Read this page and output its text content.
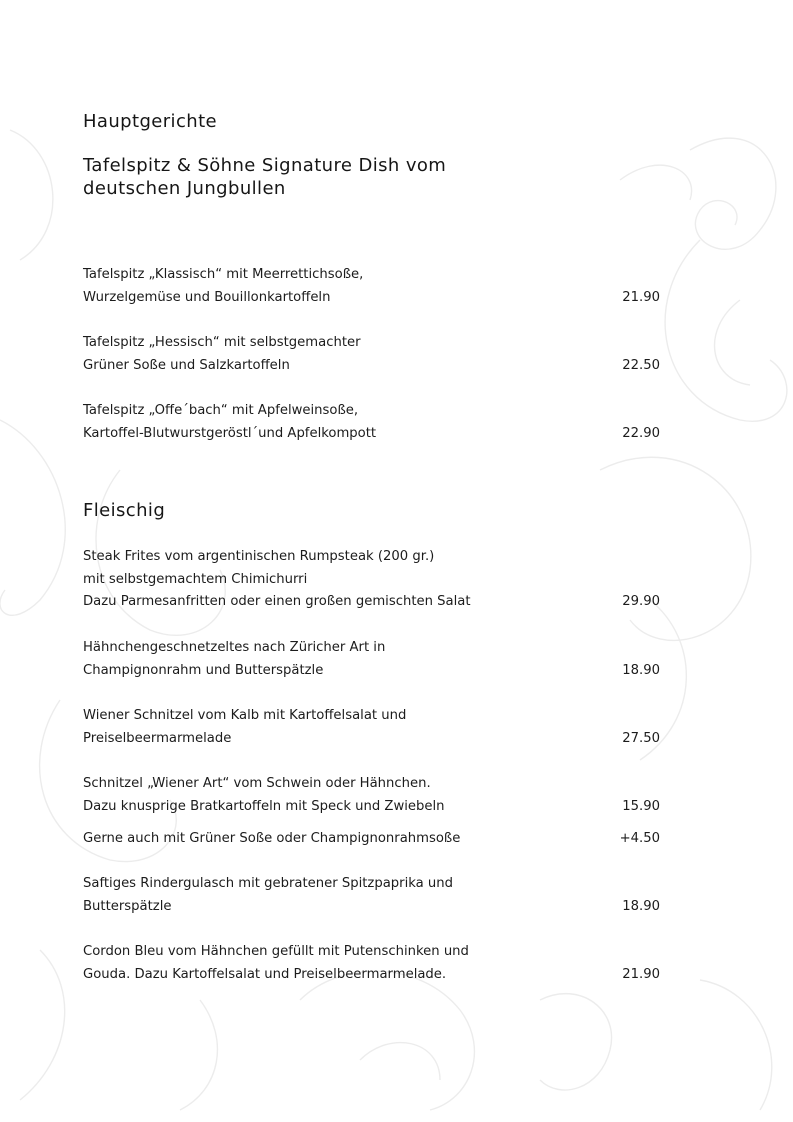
Hauptgerichte
Tafelspitz & Söhne Signature Dish vom
deutschen Jungbullen
Tafelspitz „Klassisch“ mit Meerrettichsoße,
Wurzelgemüse und Bouillonkartoffeln	21.90
Tafelspitz „Hessisch“ mit selbstgemachter
Grüner Soße und Salzkartoffeln	22.50
Tafelspitz „Offe´bach“ mit Apfelweinsoße,
Kartoffel-Blutwurstgeröstl´und Apfelkompott	22.90
Fleischig
Steak Frites vom argentinischen Rumpsteak (200 gr.)
mit selbstgemachtem Chimichurri
Dazu Parmesanfritten oder einen großen gemischten Salat	29.90
Hähnchengeschnetzeltes nach Züricher Art in
Champignonrahm und Butterspätzle	18.90
Wiener Schnitzel vom Kalb mit Kartoffelsalat und
Preiselbeermarmelade	27.50
Schnitzel „Wiener Art“ vom Schwein oder Hähnchen.
Dazu knusprige Bratkartoffeln mit Speck und Zwiebeln	15.90
Gerne auch mit Grüner Soße oder Champignonrahmsoße	+4.50
Saftiges Rindergulasch mit gebratener Spitzpaprika und
Butterspätzle	18.90
Cordon Bleu vom Hähnchen gefüllt mit Putenschinken und
Gouda. Dazu Kartoffelsalat und Preiselbeermarmelade.	21.90
